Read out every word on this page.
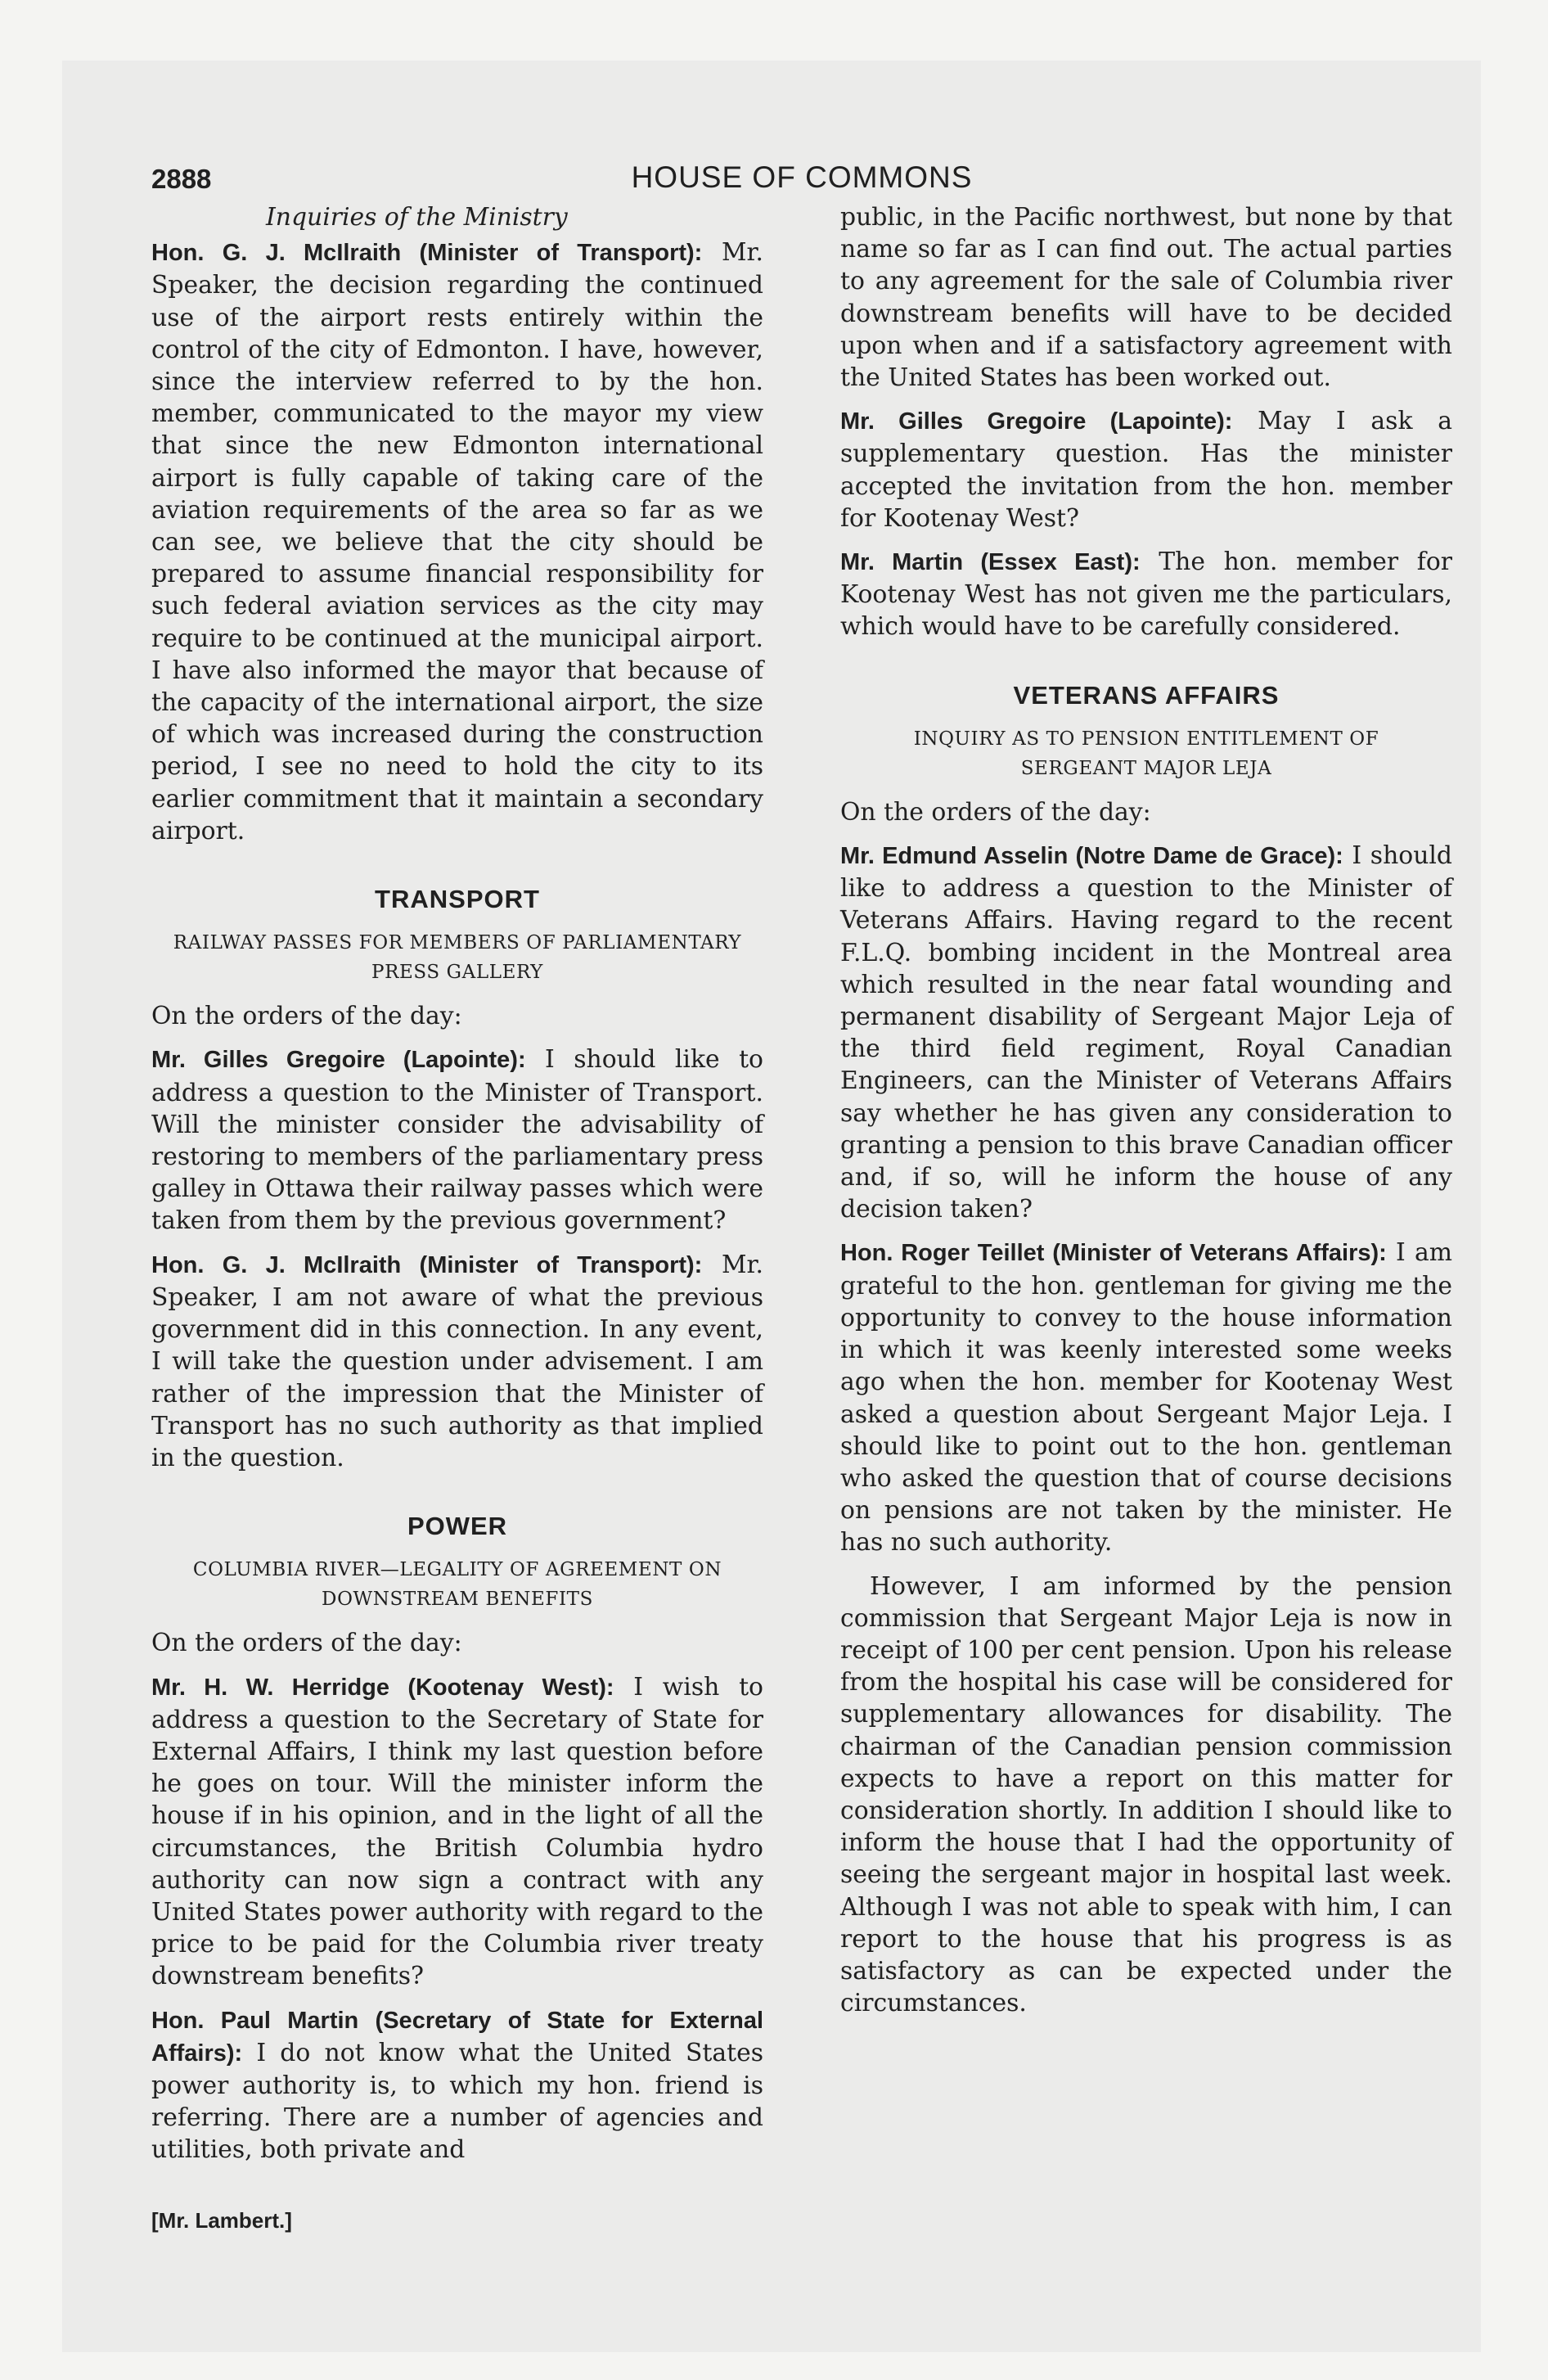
2888	HOUSE OF COMMONS
Inquiries of the Ministry

Hon. G. J. McIlraith (Minister of Transport): Mr. Speaker, the decision regarding the continued use of the airport rests entirely within the control of the city of Edmonton. I have, however, since the interview referred to by the hon. member, communicated to the mayor my view that since the new Edmonton international airport is fully capable of taking care of the aviation requirements of the area so far as we can see, we believe that the city should be prepared to assume financial responsibility for such federal aviation services as the city may require to be continued at the municipal airport. I have also informed the mayor that because of the capacity of the international airport, the size of which was increased during the construction period, I see no need to hold the city to its earlier commitment that it maintain a secondary airport.

TRANSPORT
RAILWAY PASSES FOR MEMBERS OF PARLIAMENTARY PRESS GALLERY

On the orders of the day:

Mr. Gilles Gregoire (Lapointe): I should like to address a question to the Minister of Transport. Will the minister consider the advisability of restoring to members of the parliamentary press galley in Ottawa their railway passes which were taken from them by the previous government?

Hon. G. J. McIlraith (Minister of Transport): Mr. Speaker, I am not aware of what the previous government did in this connection. In any event, I will take the question under advisement. I am rather of the impression that the Minister of Transport has no such authority as that implied in the question.

POWER
COLUMBIA RIVER—LEGALITY OF AGREEMENT ON DOWNSTREAM BENEFITS

On the orders of the day:

Mr. H. W. Herridge (Kootenay West): I wish to address a question to the Secretary of State for External Affairs, I think my last question before he goes on tour. Will the minister inform the house if in his opinion, and in the light of all the circumstances, the British Columbia hydro authority can now sign a contract with any United States power authority with regard to the price to be paid for the Columbia river treaty downstream benefits?

Hon. Paul Martin (Secretary of State for External Affairs): I do not know what the United States power authority is, to which my hon. friend is referring. There are a number of agencies and utilities, both private and

public, in the Pacific northwest, but none by that name so far as I can find out. The actual parties to any agreement for the sale of Columbia river downstream benefits will have to be decided upon when and if a satisfactory agreement with the United States has been worked out.

Mr. Gilles Gregoire (Lapointe): May I ask a supplementary question. Has the minister accepted the invitation from the hon. member for Kootenay West?

Mr. Martin (Essex East): The hon. member for Kootenay West has not given me the particulars, which would have to be carefully considered.

VETERANS AFFAIRS
INQUIRY AS TO PENSION ENTITLEMENT OF SERGEANT MAJOR LEJA

On the orders of the day:

Mr. Edmund Asselin (Notre Dame de Grace): I should like to address a question to the Minister of Veterans Affairs. Having regard to the recent F.L.Q. bombing incident in the Montreal area which resulted in the near fatal wounding and permanent disability of Sergeant Major Leja of the third field regiment, Royal Canadian Engineers, can the Minister of Veterans Affairs say whether he has given any consideration to granting a pension to this brave Canadian officer and, if so, will he inform the house of any decision taken?

Hon. Roger Teillet (Minister of Veterans Affairs): I am grateful to the hon. gentleman for giving me the opportunity to convey to the house information in which it was keenly interested some weeks ago when the hon. member for Kootenay West asked a question about Sergeant Major Leja. I should like to point out to the hon. gentleman who asked the question that of course decisions on pensions are not taken by the minister. He has no such authority.

However, I am informed by the pension commission that Sergeant Major Leja is now in receipt of 100 per cent pension. Upon his release from the hospital his case will be considered for supplementary allowances for disability. The chairman of the Canadian pension commission expects to have a report on this matter for consideration shortly. In addition I should like to inform the house that I had the opportunity of seeing the sergeant major in hospital last week. Although I was not able to speak with him, I can report to the house that his progress is as satisfactory as can be expected under the circumstances.

[Mr. Lambert.]
